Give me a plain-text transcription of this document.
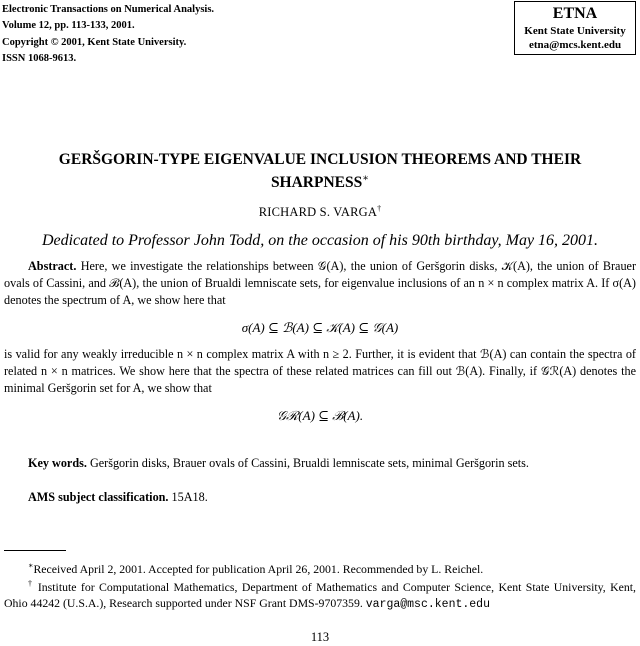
Electronic Transactions on Numerical Analysis.
Volume 12, pp. 113-133, 2001.
Copyright © 2001, Kent State University.
ISSN 1068-9613.
ETNA
Kent State University
etna@mcs.kent.edu
GERŠGORIN-TYPE EIGENVALUE INCLUSION THEOREMS AND THEIR SHARPNESS∗
RICHARD S. VARGA†
Dedicated to Professor John Todd, on the occasion of his 90th birthday, May 16, 2001.
Abstract. Here, we investigate the relationships between 𝒢(A), the union of Geršgorin disks, 𝒦(A), the union of Brauer ovals of Cassini, and ℬ(A), the union of Brualdi lemniscate sets, for eigenvalue inclusions of an n × n complex matrix A. If σ(A) denotes the spectrum of A, we show here that
σ(A) ⊆ ℬ(A) ⊆ 𝒦(A) ⊆ 𝒢(A)
is valid for any weakly irreducible n × n complex matrix A with n ≥ 2. Further, it is evident that ℬ(A) can contain the spectra of related n × n matrices. We show here that the spectra of these related matrices can fill out ℬ(A). Finally, if 𝒢ℛ(A) denotes the minimal Geršgorin set for A, we show that
𝒢ℛ(A) ⊆ ℬ(A).
Key words. Geršgorin disks, Brauer ovals of Cassini, Brualdi lemniscate sets, minimal Geršgorin sets.
AMS subject classification. 15A18.
∗Received April 2, 2001. Accepted for publication April 26, 2001. Recommended by L. Reichel.
† Institute for Computational Mathematics, Department of Mathematics and Computer Science, Kent State University, Kent, Ohio 44242 (U.S.A.), Research supported under NSF Grant DMS-9707359. varga@msc.kent.edu
113
